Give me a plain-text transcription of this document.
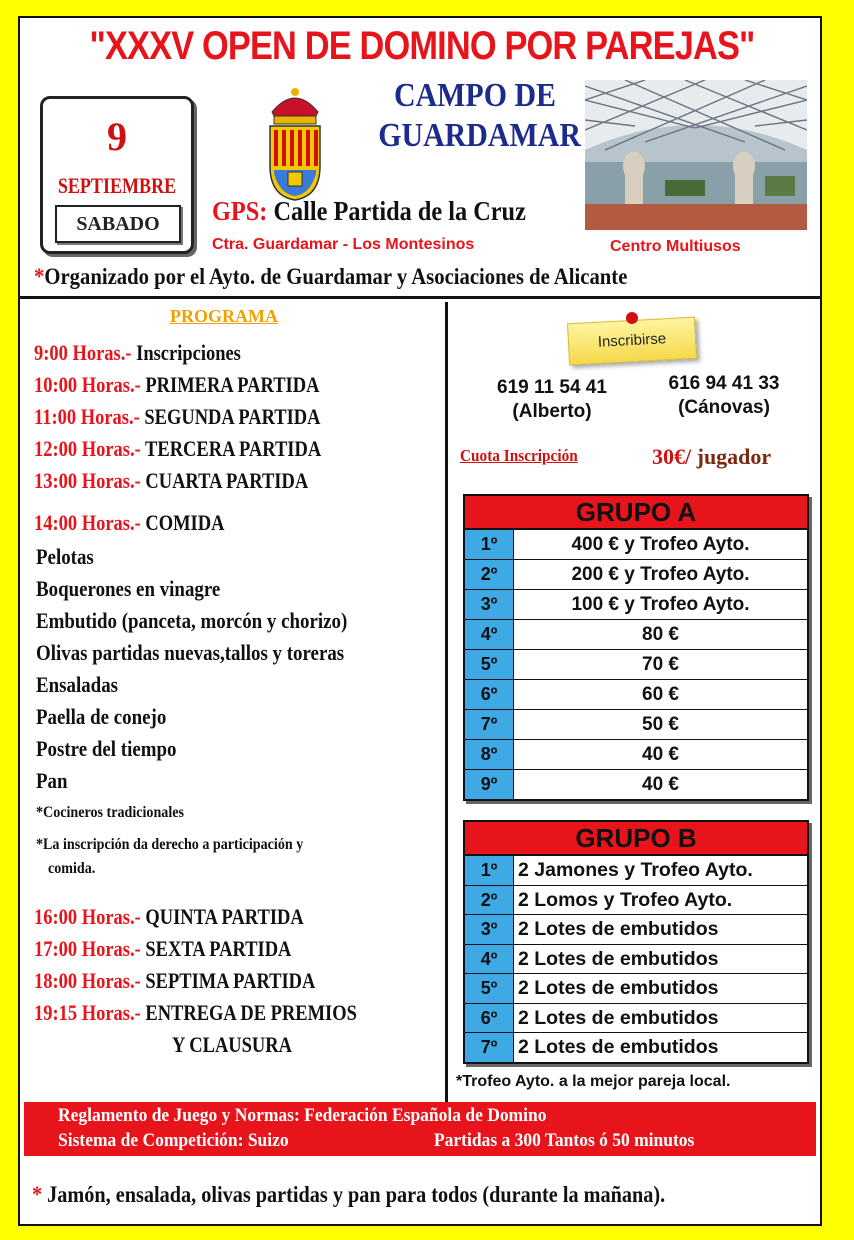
"XXXV OPEN DE DOMINO POR PAREJAS"
9
SEPTIEMBRE
SABADO
CAMPO DE
GUARDAMAR
GPS: Calle Partida de la Cruz
Ctra. Guardamar - Los Montesinos	Centro Multiusos
*Organizado por el Ayto. de Guardamar y Asociaciones de Alicante
PROGRAMA
9:00 Horas.- Inscripciones
10:00 Horas.- PRIMERA PARTIDA
11:00 Horas.- SEGUNDA PARTIDA
12:00 Horas.- TERCERA PARTIDA
13:00 Horas.- CUARTA PARTIDA
14:00 Horas.- COMIDA
Pelotas
Boquerones en vinagre
Embutido (panceta, morcón y chorizo)
Olivas partidas nuevas,tallos y toreras
Ensaladas
Paella de conejo
Postre del tiempo
Pan
*Cocineros tradicionales
*La inscripción da derecho a participación y
comida.
16:00 Horas.- QUINTA PARTIDA
17:00 Horas.- SEXTA PARTIDA
18:00 Horas.- SEPTIMA PARTIDA
19:15 Horas.- ENTREGA DE PREMIOS
Y CLAUSURA
Inscribirse
619 11 54 41
(Alberto)
616 94 41 33
(Cánovas)
Cuota Inscripción	30€/ jugador
GRUPO A
1º	400 € y Trofeo Ayto.
2º	200 € y Trofeo Ayto.
3º	100 € y Trofeo Ayto.
4º	80 €
5º	70 €
6º	60 €
7º	50 €
8º	40 €
9º	40 €
GRUPO B
1º	2 Jamones y Trofeo Ayto.
2º	2 Lomos y Trofeo Ayto.
3º	2 Lotes de embutidos
4º	2 Lotes de embutidos
5º	2 Lotes de embutidos
6º	2 Lotes de embutidos
7º	2 Lotes de embutidos
*Trofeo Ayto. a la mejor pareja local.
Reglamento de Juego y Normas: Federación Española de Domino
Sistema de Competición: Suizo	Partidas a 300 Tantos ó 50 minutos
* Jamón, ensalada, olivas partidas y pan para todos (durante la mañana).
